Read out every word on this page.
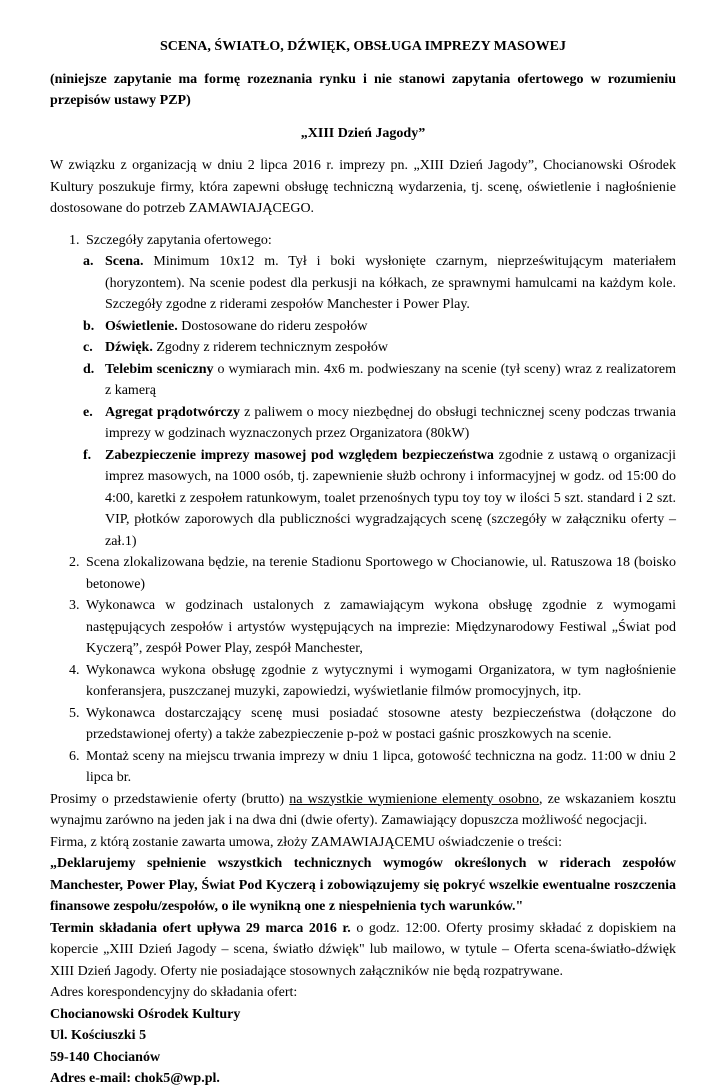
SCENA, ŚWIATŁO, DŹWIĘK, OBSŁUGA IMPREZY MASOWEJ

(niniejsze zapytanie ma formę rozeznania rynku i nie stanowi zapytania ofertowego w rozumieniu przepisów ustawy PZP)

„XIII Dzień Jagody”

W związku z organizacją w dniu 2 lipca 2016 r. imprezy pn. „XIII Dzień Jagody”, Chocianowski Ośrodek Kultury poszukuje firmy, która zapewni obsługę techniczną wydarzenia, tj. scenę, oświetlenie i nagłośnienie dostosowane do potrzeb ZAMAWIAJĄCEGO.

1. Szczegóły zapytania ofertowego:
a. Scena. Minimum 10x12 m. Tył i boki wysłonięte czarnym, nieprześwitującym materiałem (horyzontem). Na scenie podest dla perkusji na kółkach, ze sprawnymi hamulcami na każdym kole. Szczegóły zgodne z riderami zespołów Manchester i Power Play.
b. Oświetlenie. Dostosowane do rideru zespołów
c. Dźwięk. Zgodny z riderem technicznym zespołów
d. Telebim sceniczny o wymiarach min. 4x6 m. podwieszany na scenie (tył sceny) wraz z realizatorem z kamerą
e. Agregat prądotwórczy z paliwem o mocy niezbędnej do obsługi technicznej sceny podczas trwania imprezy w godzinach wyznaczonych przez Organizatora (80kW)
f. Zabezpieczenie imprezy masowej pod względem bezpieczeństwa zgodnie z ustawą o organizacji imprez masowych, na 1000 osób, tj. zapewnienie służb ochrony i informacyjnej w godz. od 15:00 do 4:00, karetki z zespołem ratunkowym, toalet przenośnych typu toy toy w ilości 5 szt. standard i 2 szt. VIP, płotków zaporowych dla publiczności wygradzających scenę (szczegóły w załączniku oferty – zał.1)
2. Scena zlokalizowana będzie, na terenie Stadionu Sportowego w Chocianowie, ul. Ratuszowa 18 (boisko betonowe)
3. Wykonawca w godzinach ustalonych z zamawiającym wykona obsługę zgodnie z wymogami następujących zespołów i artystów występujących na imprezie: Międzynarodowy Festiwal „Świat pod Kyczerą”, zespół Power Play, zespół Manchester,
4. Wykonawca wykona obsługę zgodnie z wytycznymi i wymogami Organizatora, w tym nagłośnienie konferansjera, puszczanej muzyki, zapowiedzi, wyświetlanie filmów promocyjnych, itp.
5. Wykonawca dostarczający scenę musi posiadać stosowne atesty bezpieczeństwa (dołączone do przedstawionej oferty) a także zabezpieczenie p-poż w postaci gaśnic proszkowych na scenie.
6. Montaż sceny na miejscu trwania imprezy w dniu 1 lipca, gotowość techniczna na godz. 11:00 w dniu 2 lipca br.

Prosimy o przedstawienie oferty (brutto) na wszystkie wymienione elementy osobno, ze wskazaniem kosztu wynajmu zarówno na jeden jak i na dwa dni (dwie oferty). Zamawiający dopuszcza możliwość negocjacji.

Firma, z którą zostanie zawarta umowa, złoży ZAMAWIAJĄCEMU oświadczenie o treści:

„Deklarujemy spełnienie wszystkich technicznych wymogów określonych w riderach zespołów Manchester, Power Play, Świat Pod Kyczerą i zobowiązujemy się pokryć wszelkie ewentualne roszczenia finansowe zespołu/zespołów, o ile wynikną one z niespełnienia tych warunków."

Termin składania ofert upływa 29 marca 2016 r. o godz. 12:00. Oferty prosimy składać z dopiskiem na kopercie „XIII Dzień Jagody – scena, światło dźwięk" lub mailowo, w tytule – Oferta scena-światło-dźwięk XIII Dzień Jagody. Oferty nie posiadające stosownych załączników nie będą rozpatrywane.

Adres korespondencyjny do składania ofert:

Chocianowski Ośrodek Kultury

Ul. Kościuszki 5

59-140 Chocianów

Adres e-mail: chok5@wp.pl.
